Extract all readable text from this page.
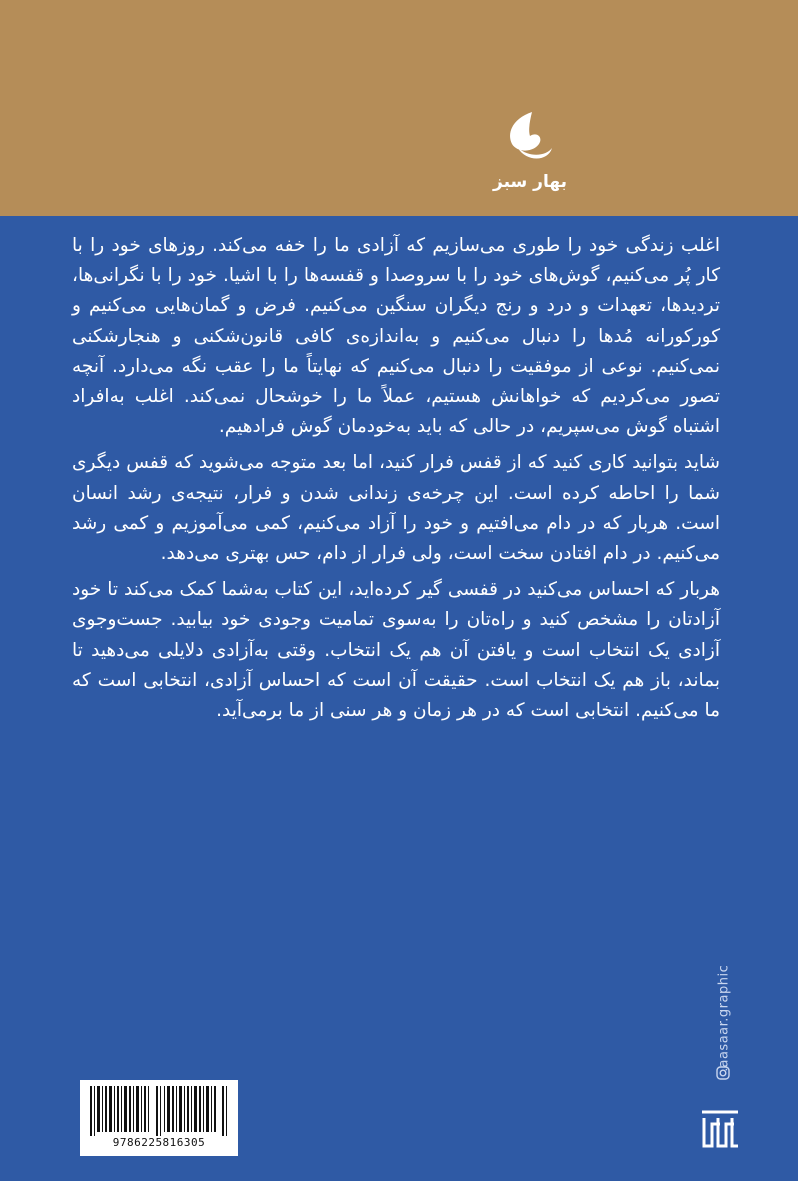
بهار سبز

اغلب زندگی خود را طوری می‌سازیم که آزادی ما را خفه می‌کند. روزهای خود را با کار پُر می‌کنیم، گوش‌های خود را با سروصدا و قفسه‌ها را با اشیا. خود را با نگرانی‌ها، تردیدها، تعهدات و درد و رنج دیگران سنگین می‌کنیم. فرض و گمان‌هایی می‌کنیم و کورکورانه مُدها را دنبال می‌کنیم و به‌اندازه‌ی کافی قانون‌شکنی و هنجارشکنی نمی‌کنیم. نوعی از موفقیت را دنبال می‌کنیم که نهایتاً ما را عقب نگه می‌دارد. آنچه تصور می‌کردیم که خواهانش هستیم، عملاً ما را خوشحال نمی‌کند. اغلب به‌افراد اشتباه گوش می‌سپریم، در حالی که باید به‌خودمان گوش فرادهیم.

شاید بتوانید کاری کنید که از قفس فرار کنید، اما بعد متوجه می‌شوید که قفس دیگری شما را احاطه کرده است. این چرخه‌ی زندانی شدن و فرار، نتیجه‌ی رشد انسان است. هربار که در دام می‌افتیم و خود را آزاد می‌کنیم، کمی می‌آموزیم و کمی رشد می‌کنیم. در دام افتادن سخت است، ولی فرار از دام، حس بهتری می‌دهد.

هربار که احساس می‌کنید در قفسی گیر کرده‌اید، این کتاب به‌شما کمک می‌کند تا خود آزادتان را مشخص کنید و راه‌تان را به‌سوی تمامیت وجودی خود بیابید. جست‌وجوی آزادی یک انتخاب است و یافتن آن هم یک انتخاب. وقتی به‌آزادی دلایلی می‌دهید تا بماند، باز هم یک انتخاب است. حقیقت آن است که احساس آزادی، انتخابی است که ما می‌کنیم. انتخابی است که در هر زمان و هر سنی از ما برمی‌آید.

9786225816305
aasaar.graphic
